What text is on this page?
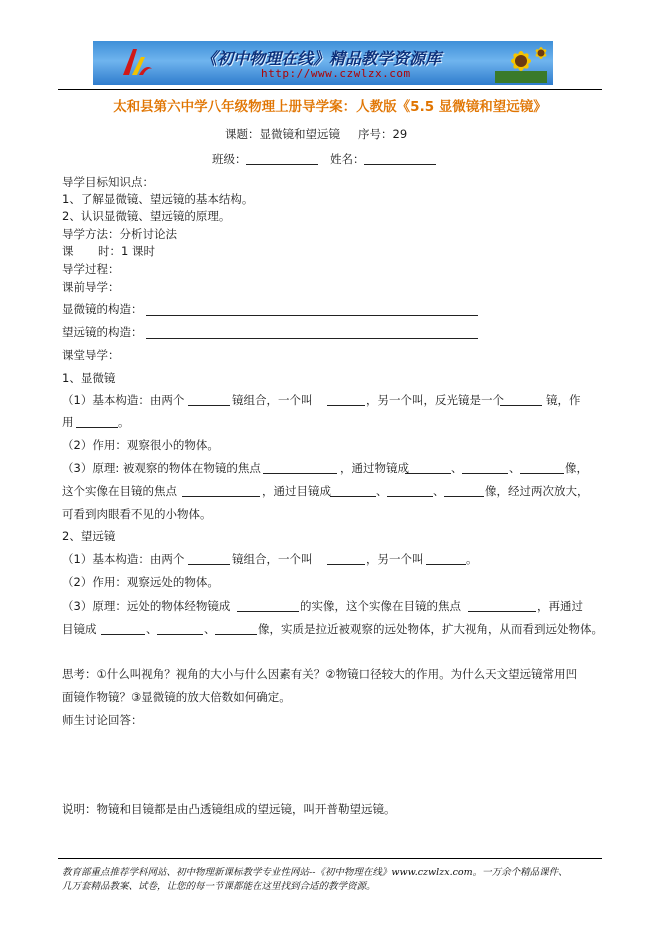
《初中物理在线》精品教学资源库
http://www.czwlzx.com
太和县第六中学八年级物理上册导学案：人教版《5.5 显微镜和望远镜》
课题：显微镜和望远镜 序号：29
班级：	姓名：
导学目标知识点：
1、了解显微镜、望远镜的基本结构。
2、认识显微镜、望远镜的原理。
导学方法：分析讨论法
课 时：1 课时
导学过程：
课前导学：
显微镜的构造：
望远镜的构造：
课堂导学：
1、显微镜
（1）基本构造：由两个	镜组合，一个叫	，另一个叫，反光镜是一个	镜，作
用	。
（2）作用：观察很小的物体。
（3）原理: 被观察的物体在物镜的焦点	，通过物镜成	、	、	像，
这个实像在目镜的焦点	，通过目镜成	、	、	像，经过两次放大，
可看到肉眼看不见的小物体。
2、望远镜
（1）基本构造：由两个	镜组合，一个叫	，另一个叫	。
（2）作用：观察远处的物体。
（3）原理：远处的物体经物镜成	的实像，这个实像在目镜的焦点	，再通过
目镜成	、	、	像，实质是拉近被观察的远处物体，扩大视角，从而看到远处物体。
思考：①什么叫视角？视角的大小与什么因素有关？②物镜口径较大的作用。为什么天文望远镜常用凹
面镜作物镜？③显微镜的放大倍数如何确定。
师生讨论回答：
说明：物镜和目镜都是由凸透镜组成的望远镜，叫开普勒望远镜。
教育部重点推荐学科网站、初中物理新课标教学专业性网站--《初中物理在线》www.czwlzx.com。一万余个精品课件、
几万套精品教案、试卷，让您的每一节课都能在这里找到合适的教学资源。
